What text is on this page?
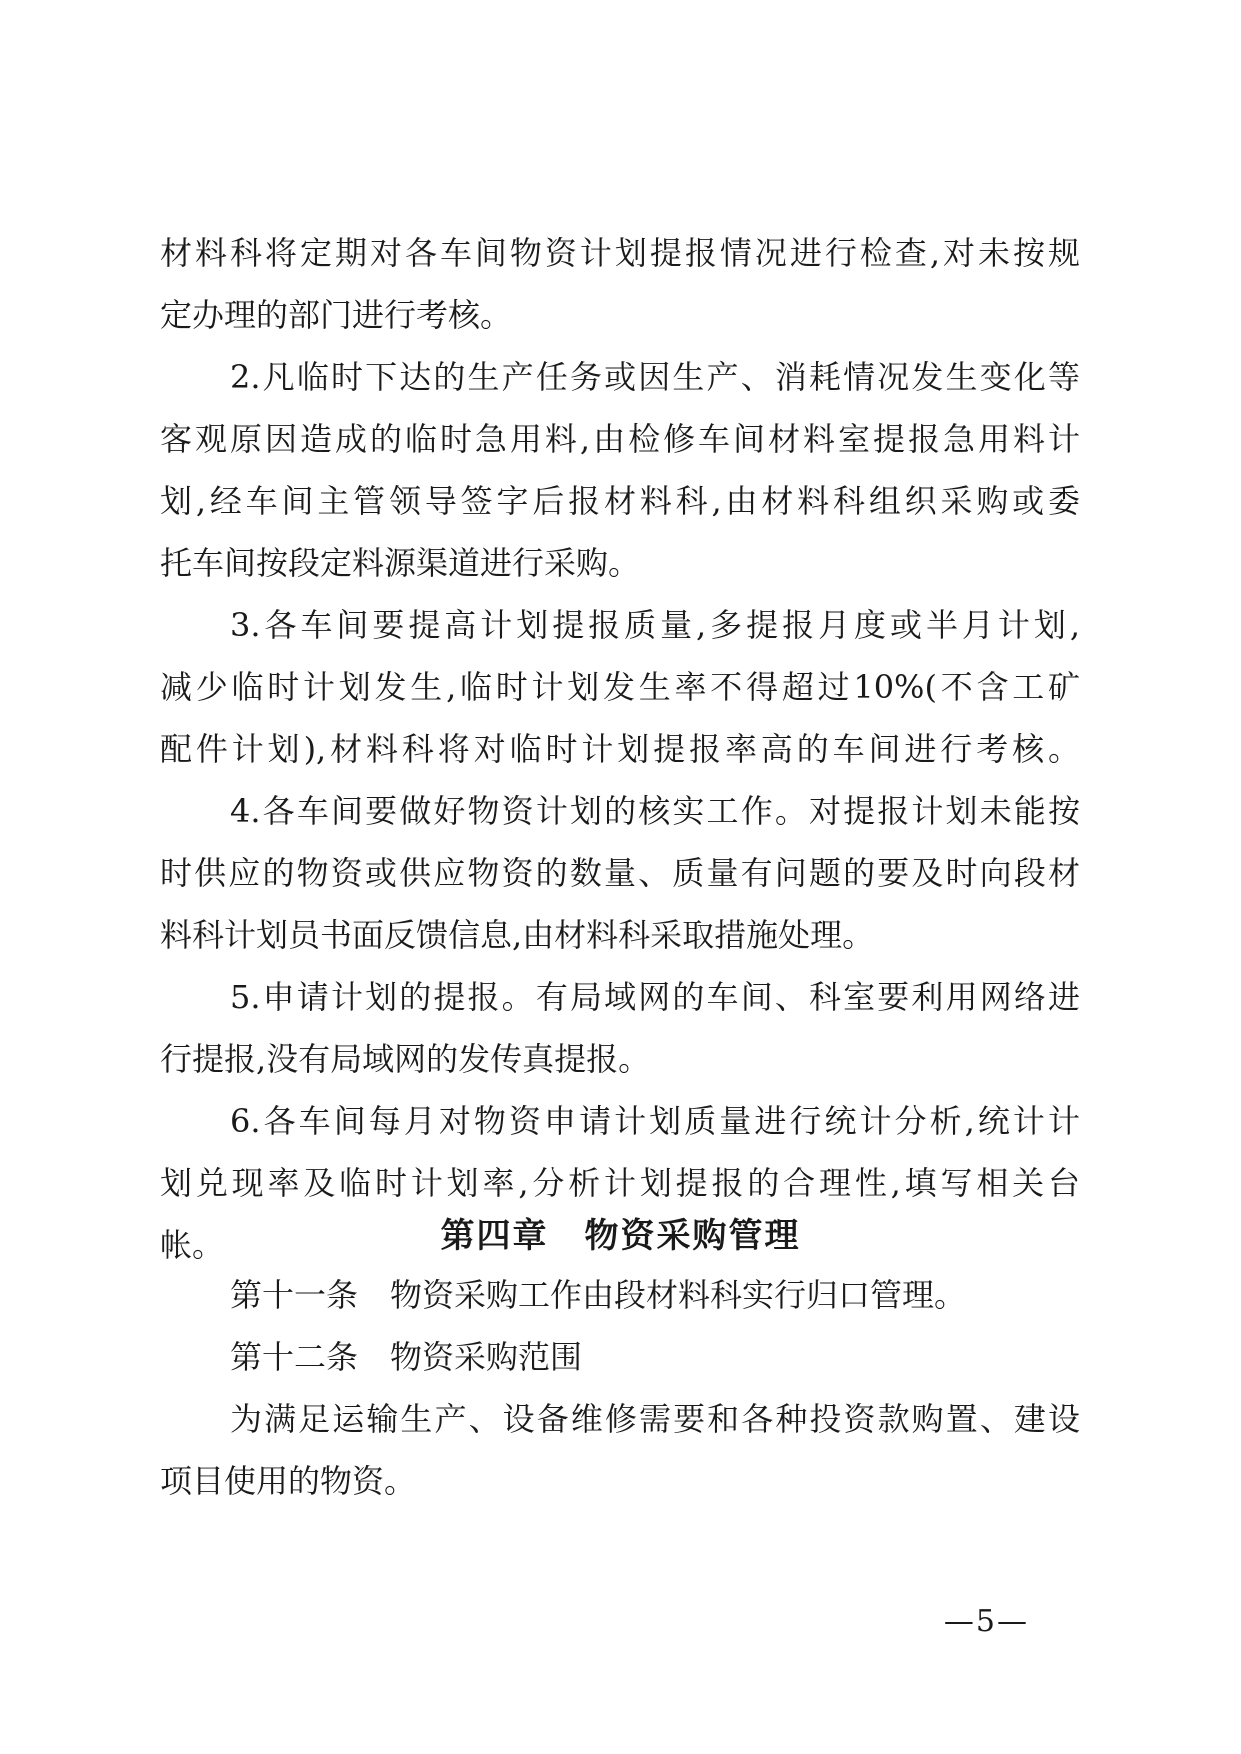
材料科将定期对各车间物资计划提报情况进行检查,对未按规
定办理的部门进行考核。
2.凡临时下达的生产任务或因生产、消耗情况发生变化等
客观原因造成的临时急用料,由检修车间材料室提报急用料计
划,经车间主管领导签字后报材料科,由材料科组织采购或委
托车间按段定料源渠道进行采购。
3.各车间要提高计划提报质量,多提报月度或半月计划,
减少临时计划发生,临时计划发生率不得超过10%(不含工矿
配件计划),材料科将对临时计划提报率高的车间进行考核。
4.各车间要做好物资计划的核实工作。对提报计划未能按
时供应的物资或供应物资的数量、质量有问题的要及时向段材
料科计划员书面反馈信息,由材料科采取措施处理。
5.申请计划的提报。有局域网的车间、科室要利用网络进
行提报,没有局域网的发传真提报。
6.各车间每月对物资申请计划质量进行统计分析,统计计
划兑现率及临时计划率,分析计划提报的合理性,填写相关台
帐。	第四章　物资采购管理
第十一条　物资采购工作由段材料科实行归口管理。
第十二条　物资采购范围
为满足运输生产、设备维修需要和各种投资款购置、建设
项目使用的物资。
—5—
